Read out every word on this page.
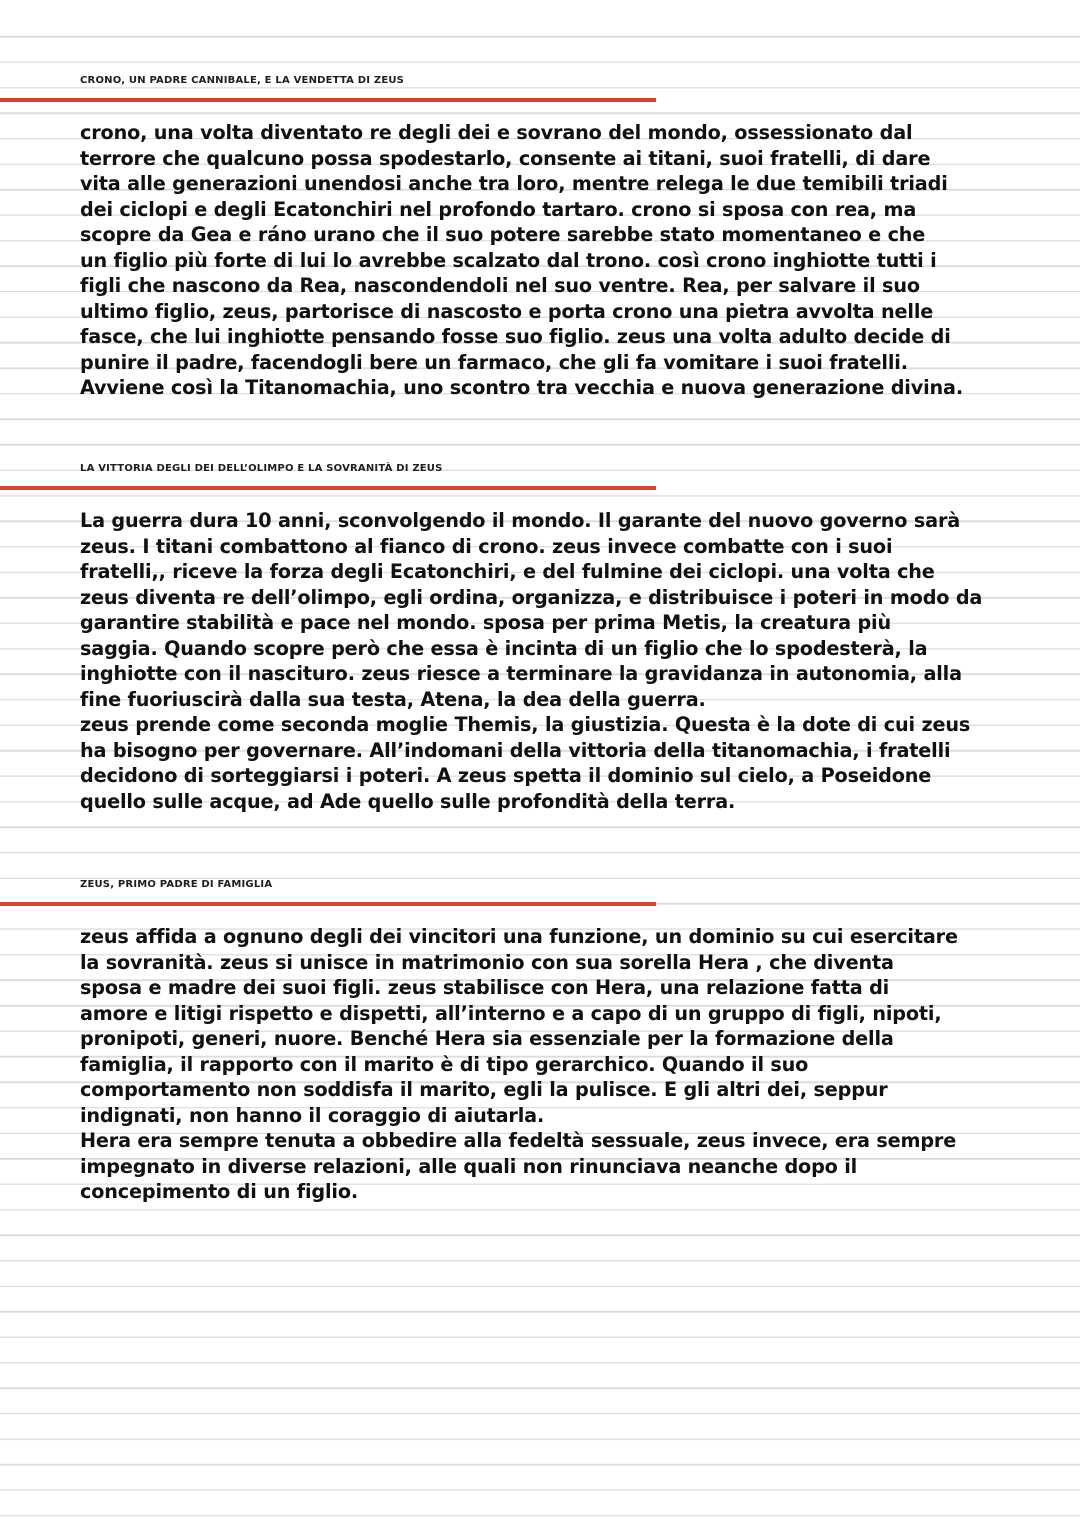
CRONO, UN PADRE CANNIBALE, E LA VENDETTA DI ZEUS

crono, una volta diventato re degli dei e sovrano del mondo, ossessionato dal
terrore che qualcuno possa spodestarlo, consente ai titani, suoi fratelli, di dare
vita alle generazioni unendosi anche tra loro, mentre relega le due temibili triadi
dei ciclopi e degli Ecatonchiri nel profondo tartaro. crono si sposa con rea, ma
scopre da Gea e ráno urano che il suo potere sarebbe stato momentaneo e che
un figlio più forte di lui lo avrebbe scalzato dal trono. così crono inghiotte tutti i
figli che nascono da Rea, nascondendoli nel suo ventre. Rea, per salvare il suo
ultimo figlio, zeus, partorisce di nascosto e porta crono una pietra avvolta nelle
fasce, che lui inghiotte pensando fosse suo figlio. zeus una volta adulto decide di
punire il padre, facendogli bere un farmaco, che gli fa vomitare i suoi fratelli.
Avviene così la Titanomachia, uno scontro tra vecchia e nuova generazione divina.

LA VITTORIA DEGLI DEI DELL’OLIMPO E LA SOVRANITÀ DI ZEUS

La guerra dura 10 anni, sconvolgendo il mondo. Il garante del nuovo governo sarà
zeus. I titani combattono al fianco di crono. zeus invece combatte con i suoi
fratelli,, riceve la forza degli Ecatonchiri, e del fulmine dei ciclopi. una volta che
zeus diventa re dell’olimpo, egli ordina, organizza, e distribuisce i poteri in modo da
garantire stabilità e pace nel mondo. sposa per prima Metis, la creatura più
saggia. Quando scopre però che essa è incinta di un figlio che lo spodesterà, la
inghiotte con il nascituro. zeus riesce a terminare la gravidanza in autonomia, alla
fine fuoriuscirà dalla sua testa, Atena, la dea della guerra.
zeus prende come seconda moglie Themis, la giustizia. Questa è la dote di cui zeus
ha bisogno per governare. All’indomani della vittoria della titanomachia, i fratelli
decidono di sorteggiarsi i poteri. A zeus spetta il dominio sul cielo, a Poseidone
quello sulle acque, ad Ade quello sulle profondità della terra.

ZEUS, PRIMO PADRE DI FAMIGLIA

zeus affida a ognuno degli dei vincitori una funzione, un dominio su cui esercitare
la sovranità. zeus si unisce in matrimonio con sua sorella Hera , che diventa
sposa e madre dei suoi figli. zeus stabilisce con Hera, una relazione fatta di
amore e litigi rispetto e dispetti, all’interno e a capo di un gruppo di figli, nipoti,
pronipoti, generi, nuore. Benché Hera sia essenziale per la formazione della
famiglia, il rapporto con il marito è di tipo gerarchico. Quando il suo
comportamento non soddisfa il marito, egli la pulisce. E gli altri dei, seppur
indignati, non hanno il coraggio di aiutarla.
Hera era sempre tenuta a obbedire alla fedeltà sessuale, zeus invece, era sempre
impegnato in diverse relazioni, alle quali non rinunciava neanche dopo il
concepimento di un figlio.
